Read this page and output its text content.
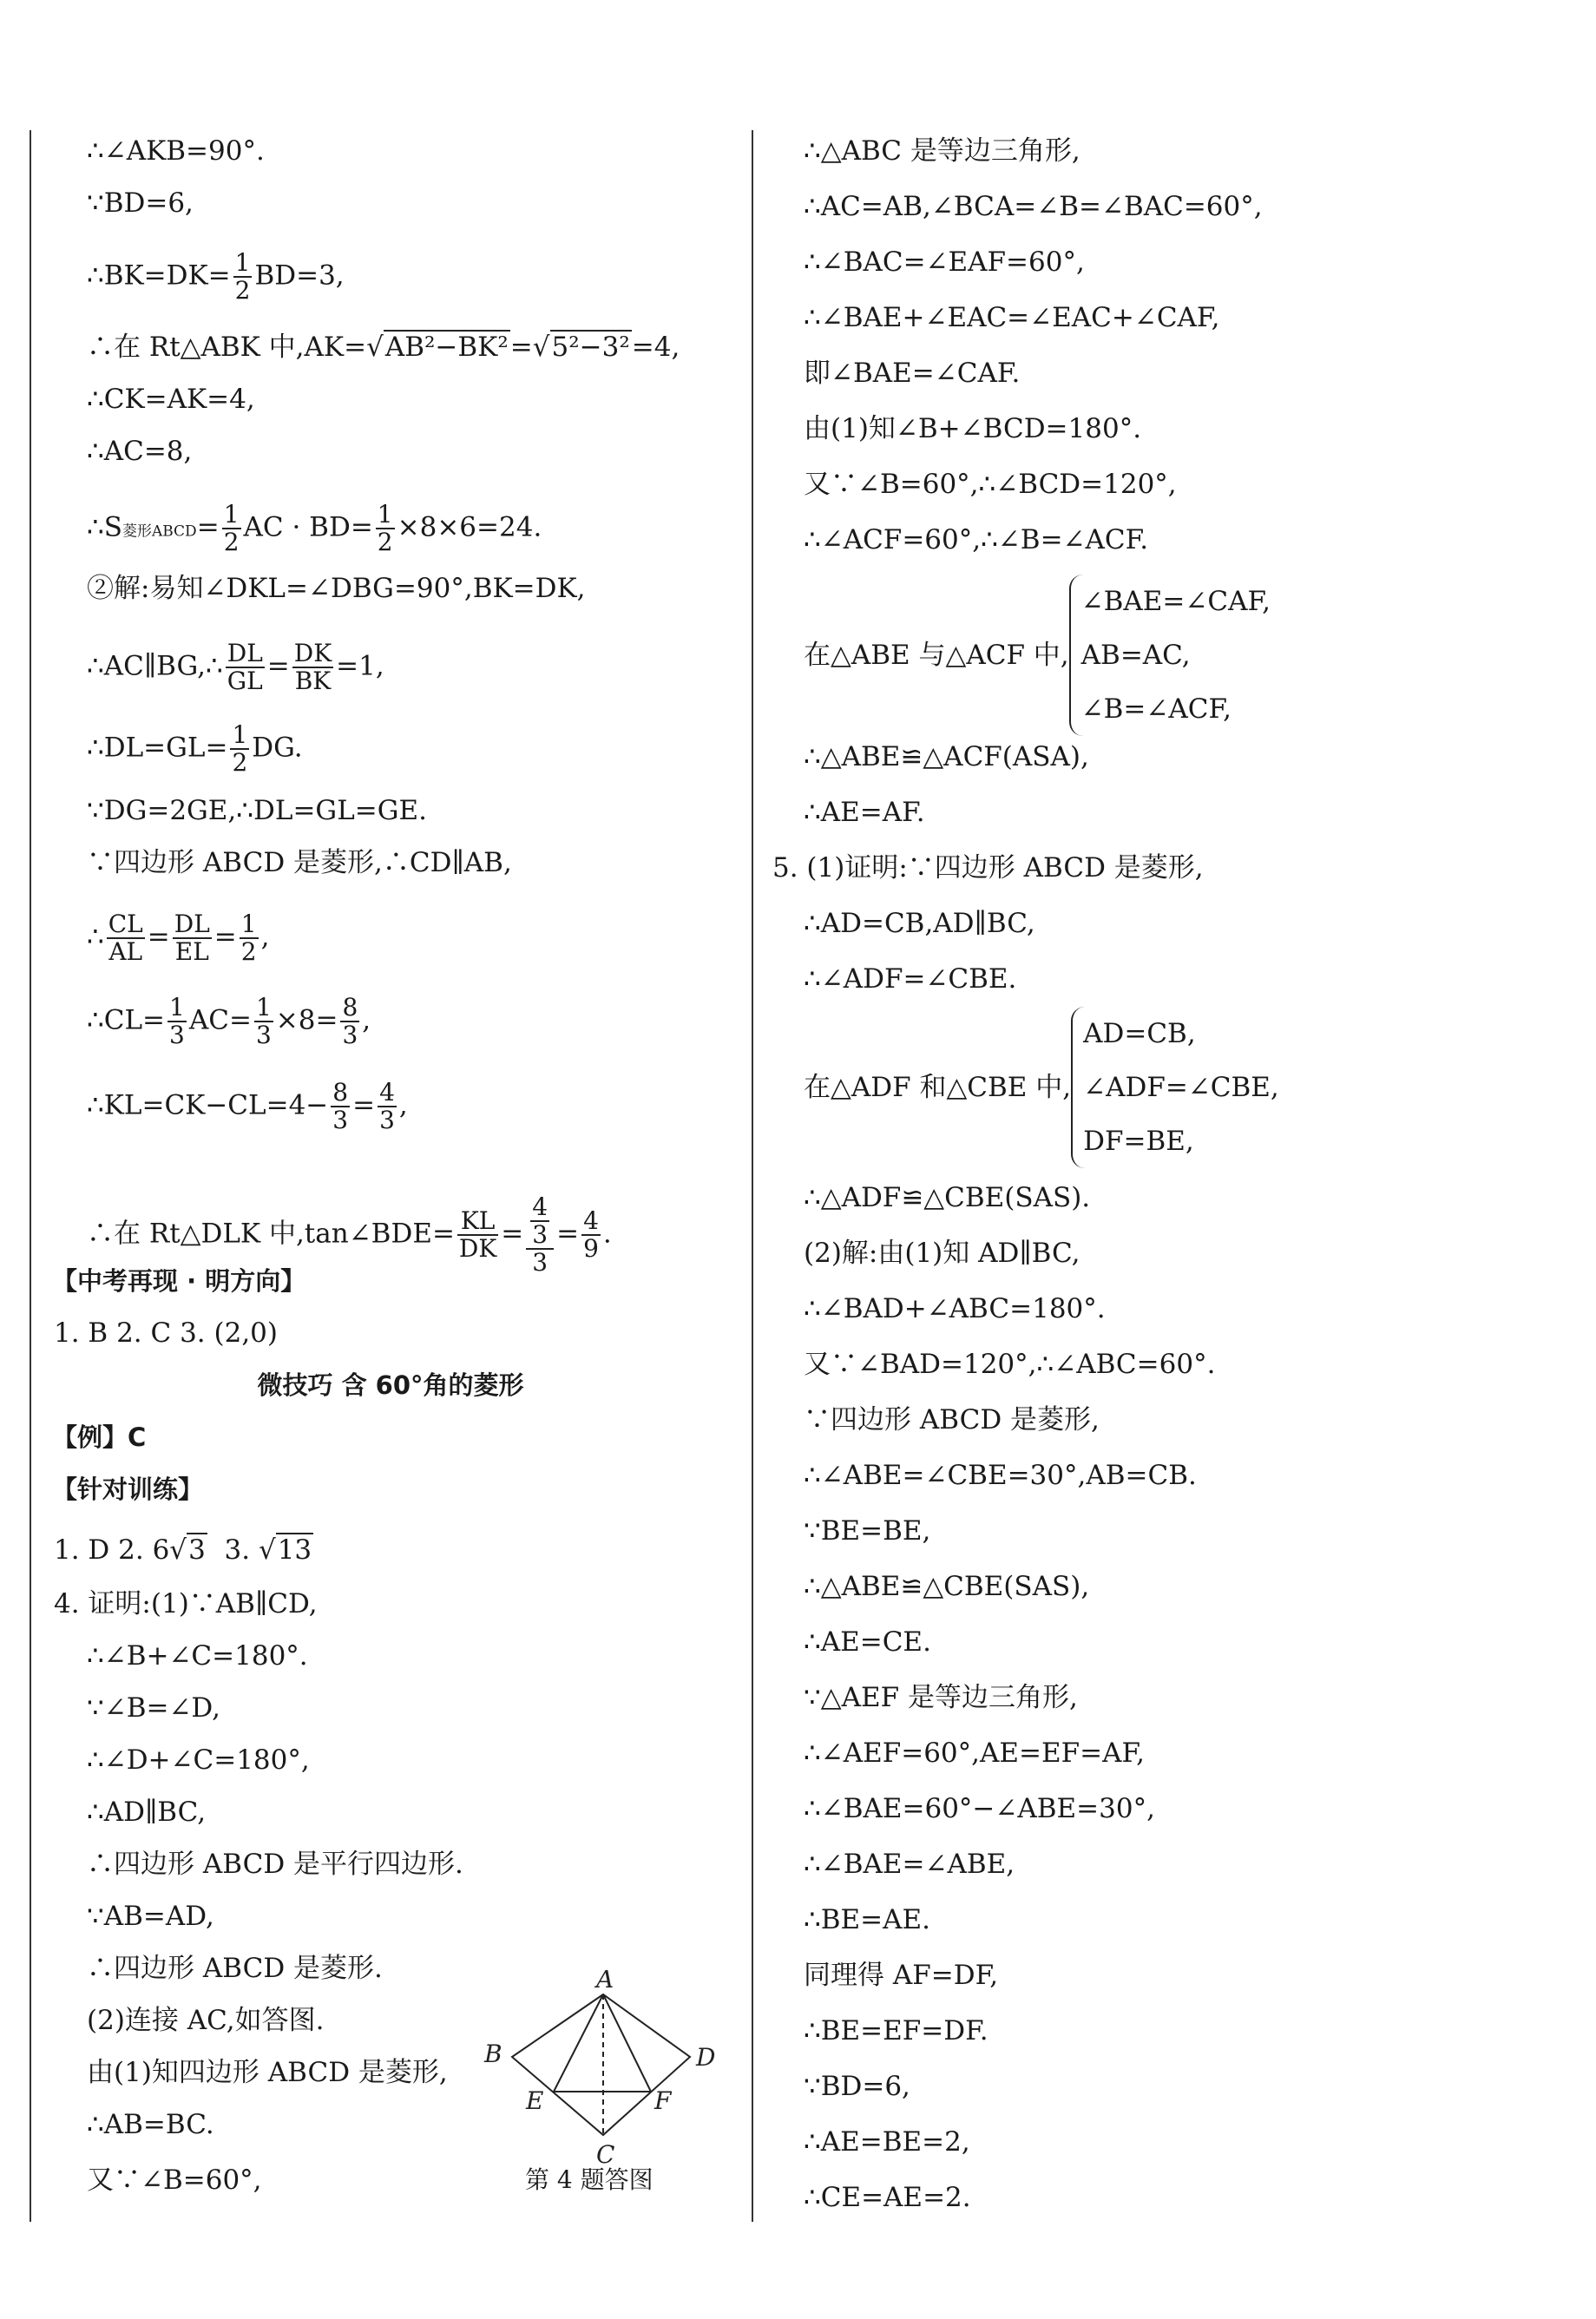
∴∠AKB=90°.
∵BD=6,
∴BK=DK= $\frac{1}{2} BD=3$,
∴在 Rt△ABK 中,AK=√AB²−BK²=√5²−3²=4,
∴CK=AK=4,
∴AC=8,
∴S菱形ABCD= $\frac{1}{2}$ AC · $BD= \frac{1}{2} \times 8\times 6=24$.
②解:易知∠DKL=∠DBG=90°,BK=DK,
∴AC∥BG,∴ $\frac{DL}{GL} = \frac{DK}{BK} =1$,
∴DL=GL= $\frac{1}{2}$ DG.
∵DG=2GE,∴DL=GL=GE.
∵四边形 ABCD 是菱形,∴CD∥AB,
∴ $\frac{CL}{AL} = \frac{DL}{EL} = \frac{1}{2}$ ,
∴CL= $\frac{1}{3} AC= \frac{1}{3} \times 8= \frac{8}{3}$ ,
∴KL=CK−CL=4− $\frac{8}{3} = \frac{4}{3}$ ,
∴在 Rt△DLK 中,tan∠BDE= $\frac{KL}{DK} = \frac{\frac{4}{3}}{3} = \frac{4}{9}$ .
【中考再现 · 明方向】
1. B 2. C 3. (2,0)
微技巧 含 60°角的菱形
【例】C
【针对训练】
1. D 2. 6√3 3. √13
4. 证明:(1)∵AB∥CD,
∴∠B+∠C=180°.
∵∠B=∠D,
∴∠D+∠C=180°,
∴AD∥BC,
∴四边形 ABCD 是平行四边形.
∵AB=AD,
∴四边形 ABCD 是菱形.
(2)连接 AC,如答图.
由(1)知四边形 ABCD 是菱形,
∴AB=BC.
又∵∠B=60°,
A
B
C
D
E	F
第 4 题答图
∴△ABC 是等边三角形,
∴AC=AB,∠BCA=∠B=∠BAC=60°,
∴∠BAC=∠EAF=60°,
∴∠BAE+∠EAC=∠EAC+∠CAF,
即∠BAE=∠CAF.
由(1)知∠B+∠BCD=180°.
又∵∠B=60°,∴∠BCD=120°,
∴∠ACF=60°,∴∠B=∠ACF.
在△ABE 与△ACF 中,
∠BAE=∠CAF,
AB=AC,
∠B=∠ACF,
∴△ABE≌△ACF(ASA),
∴AE=AF.
5. (1)证明:∵四边形 ABCD 是菱形,
∴AD=CB,AD∥BC,
∴∠ADF=∠CBE.
在△ADF 和△CBE 中,
AD=CB,
∠ADF=∠CBE,
DF=BE,
∴△ADF≌△CBE(SAS).
(2)解:由(1)知 AD∥BC,
∴∠BAD+∠ABC=180°.
又∵∠BAD=120°,∴∠ABC=60°.
∵四边形 ABCD 是菱形,
∴∠ABE=∠CBE=30°,AB=CB.
∵BE=BE,
∴△ABE≌△CBE(SAS),
∴AE=CE.
∵△AEF 是等边三角形,
∴∠AEF=60°,AE=EF=AF,
∴∠BAE=60°−∠ABE=30°,
∴∠BAE=∠ABE,
∴BE=AE.
同理得 AF=DF,
∴BE=EF=DF.
∵BD=6,
∴AE=BE=2,
∴CE=AE=2.
